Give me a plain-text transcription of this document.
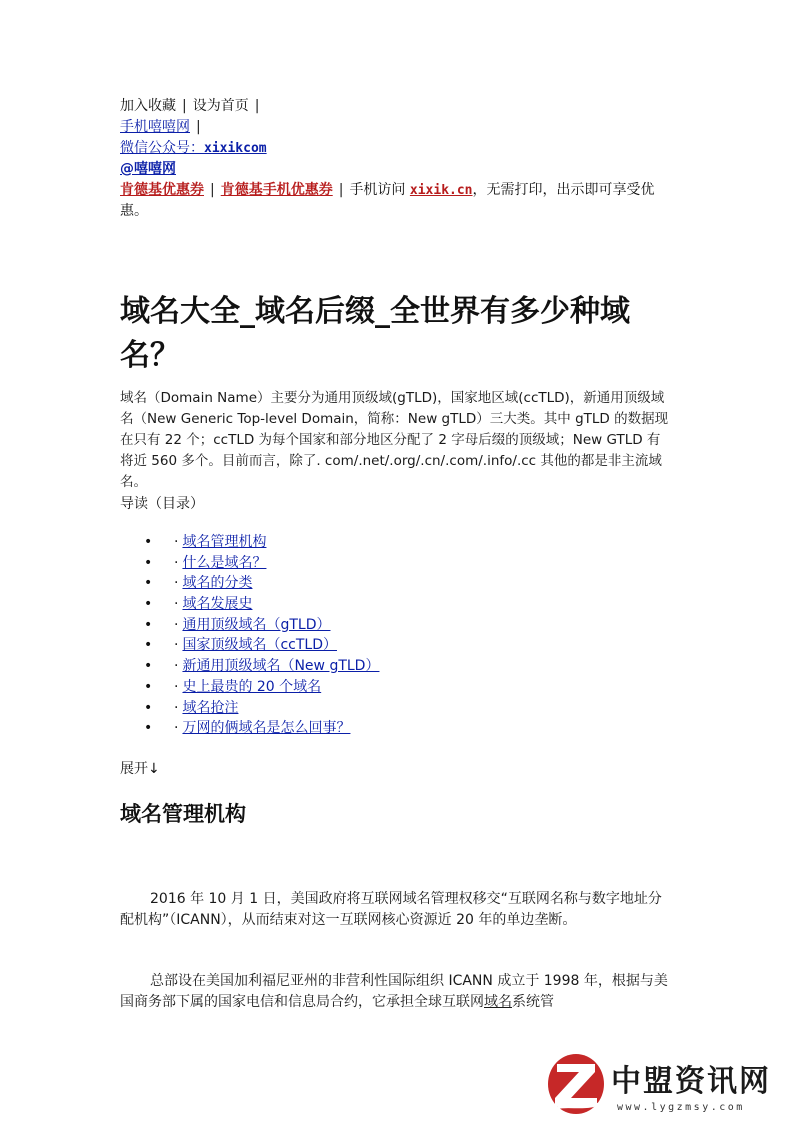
加入收藏 | 设为首页 |
手机嘻嘻网 |
微信公众号：xixikcom
@嘻嘻网
肯德基优惠券 | 肯德基手机优惠券 | 手机访问 xixik.cn，无需打印，出示即可享受优惠。
域名大全_域名后缀_全世界有多少种域名？
域名（Domain Name）主要分为通用顶级域(gTLD)，国家地区域(ccTLD)，新通用顶级域名（New Generic Top-level Domain，简称：New gTLD）三大类。其中 gTLD 的数据现在只有 22 个；ccTLD 为每个国家和部分地区分配了 2 字母后缀的顶级域；New GTLD 有将近 560 多个。目前而言，除了. com/.net/.org/.cn/.com/.info/.cc 其他的都是非主流域名。
导读（目录）
• · 域名管理机构
• · 什么是域名？
• · 域名的分类
• · 域名发展史
• · 通用顶级域名（gTLD）
• · 国家顶级域名（ccTLD）
• · 新通用顶级域名（New gTLD）
• · 史上最贵的 20 个域名
• · 域名抢注
• · 万网的俩域名是怎么回事？
展开↓
域名管理机构
2016 年 10 月 1 日，美国政府将互联网域名管理权移交“互联网名称与数字地址分配机构”（ICANN），从而结束对这一互联网核心资源近 20 年的单边垄断。
总部设在美国加利福尼亚州的非营利性国际组织 ICANN 成立于 1998 年，根据与美国商务部下属的国家电信和信息局合约，它承担全球互联网域名系统管
中盟资讯网
www.lygzmsy.com
